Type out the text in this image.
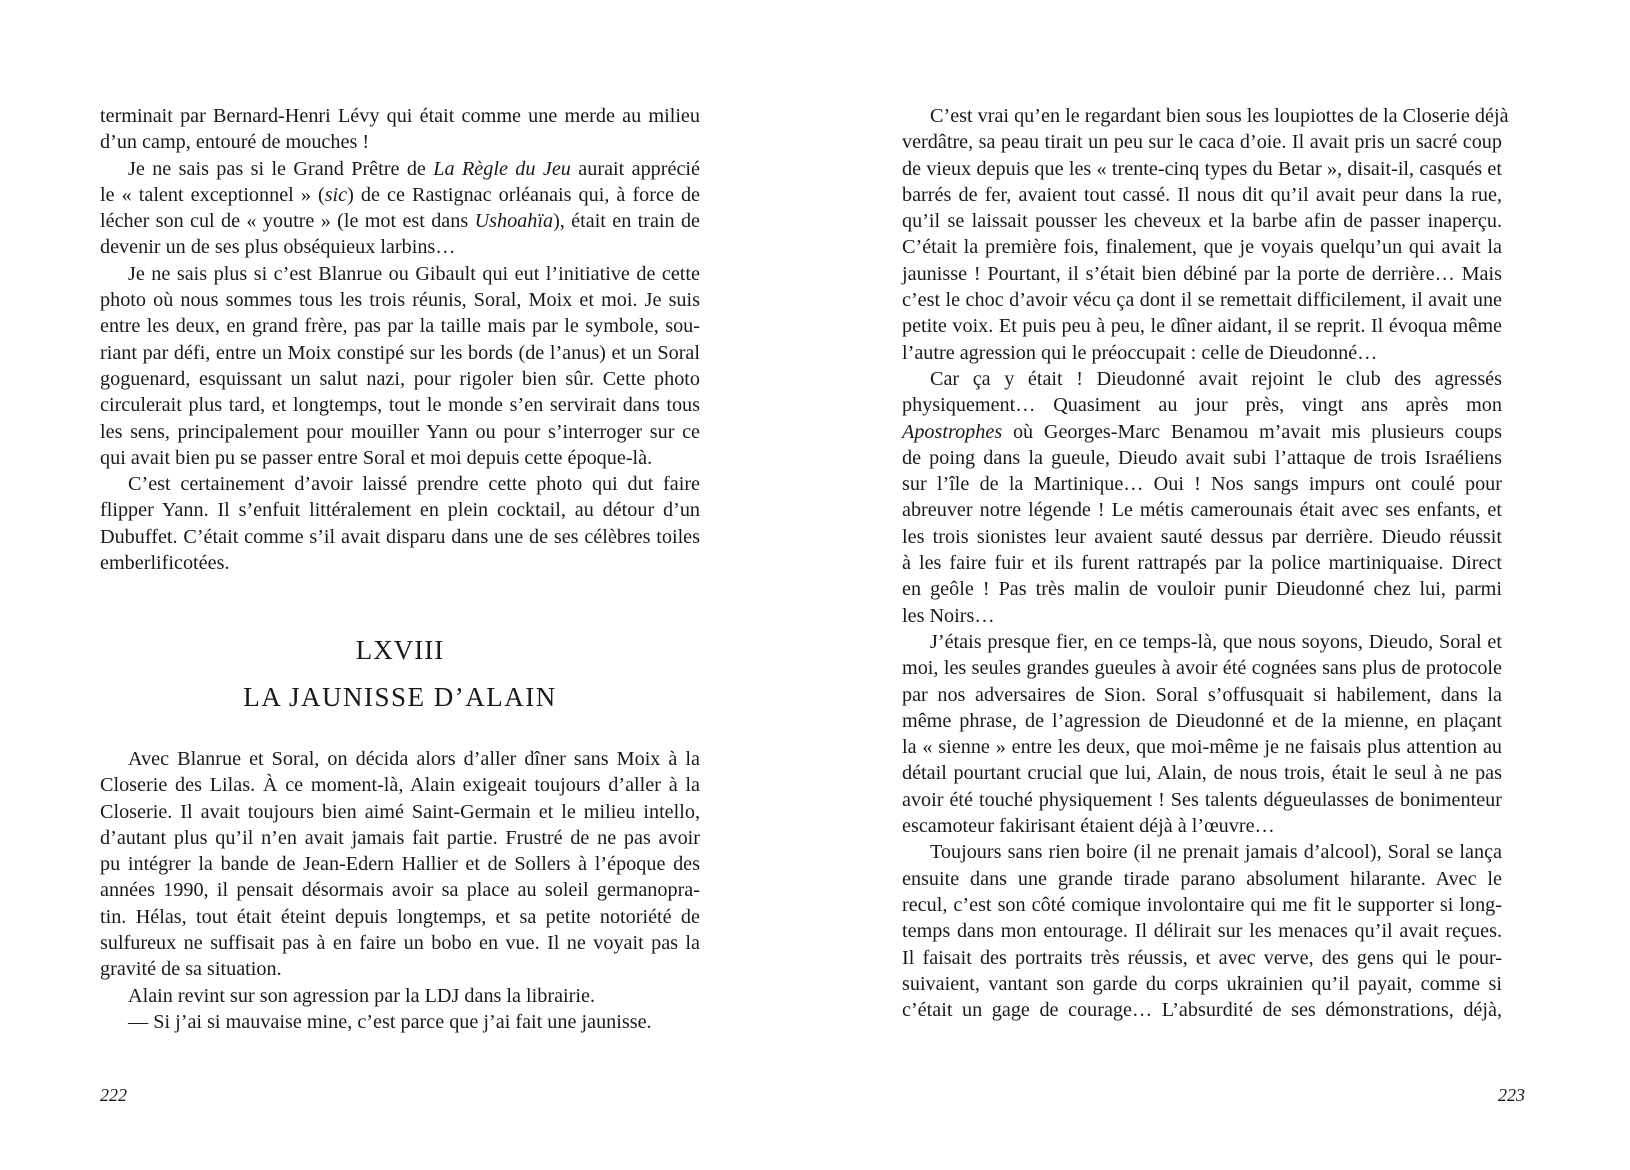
terminait par Bernard-Henri Lévy qui était comme une merde au milieu
d’un camp, entouré de mouches !
Je ne sais pas si le Grand Prêtre de La Règle du Jeu aurait apprécié
le « talent exceptionnel » (sic) de ce Rastignac orléanais qui, à force de
lécher son cul de « youtre » (le mot est dans Ushoahïa), était en train de
devenir un de ses plus obséquieux larbins…
Je ne sais plus si c’est Blanrue ou Gibault qui eut l’initiative de cette
photo où nous sommes tous les trois réunis, Soral, Moix et moi. Je suis
entre les deux, en grand frère, pas par la taille mais par le symbole, sou-
riant par défi, entre un Moix constipé sur les bords (de l’anus) et un Soral
goguenard, esquissant un salut nazi, pour rigoler bien sûr. Cette photo
circulerait plus tard, et longtemps, tout le monde s’en servirait dans tous
les sens, principalement pour mouiller Yann ou pour s’interroger sur ce
qui avait bien pu se passer entre Soral et moi depuis cette époque-là.
C’est certainement d’avoir laissé prendre cette photo qui dut faire
flipper Yann. Il s’enfuit littéralement en plein cocktail, au détour d’un
Dubuffet. C’était comme s’il avait disparu dans une de ses célèbres toiles
emberlificotées.
LXVIII
LA JAUNISSE D’ALAIN
Avec Blanrue et Soral, on décida alors d’aller dîner sans Moix à la
Closerie des Lilas. À ce moment-là, Alain exigeait toujours d’aller à la
Closerie. Il avait toujours bien aimé Saint-Germain et le milieu intello,
d’autant plus qu’il n’en avait jamais fait partie. Frustré de ne pas avoir
pu intégrer la bande de Jean-Edern Hallier et de Sollers à l’époque des
années 1990, il pensait désormais avoir sa place au soleil germanopra-
tin. Hélas, tout était éteint depuis longtemps, et sa petite notoriété de
sulfureux ne suffisait pas à en faire un bobo en vue. Il ne voyait pas la
gravité de sa situation.
Alain revint sur son agression par la LDJ dans la librairie.
— Si j’ai si mauvaise mine, c’est parce que j’ai fait une jaunisse.
222
C’est vrai qu’en le regardant bien sous les loupiottes de la Closerie déjà
verdâtre, sa peau tirait un peu sur le caca d’oie. Il avait pris un sacré coup
de vieux depuis que les « trente-cinq types du Betar », disait-il, casqués et
barrés de fer, avaient tout cassé. Il nous dit qu’il avait peur dans la rue,
qu’il se laissait pousser les cheveux et la barbe afin de passer inaperçu.
C’était la première fois, finalement, que je voyais quelqu’un qui avait la
jaunisse ! Pourtant, il s’était bien débiné par la porte de derrière… Mais
c’est le choc d’avoir vécu ça dont il se remettait difficilement, il avait une
petite voix. Et puis peu à peu, le dîner aidant, il se reprit. Il évoqua même
l’autre agression qui le préoccupait : celle de Dieudonné…
Car ça y était ! Dieudonné avait rejoint le club des agressés
physiquement… Quasiment au jour près, vingt ans après mon
Apostrophes où Georges-Marc Benamou m’avait mis plusieurs coups
de poing dans la gueule, Dieudo avait subi l’attaque de trois Israéliens
sur l’île de la Martinique… Oui ! Nos sangs impurs ont coulé pour
abreuver notre légende ! Le métis camerounais était avec ses enfants, et
les trois sionistes leur avaient sauté dessus par derrière. Dieudo réussit
à les faire fuir et ils furent rattrapés par la police martiniquaise. Direct
en geôle ! Pas très malin de vouloir punir Dieudonné chez lui, parmi
les Noirs…
J’étais presque fier, en ce temps-là, que nous soyons, Dieudo, Soral et
moi, les seules grandes gueules à avoir été cognées sans plus de protocole
par nos adversaires de Sion. Soral s’offusquait si habilement, dans la
même phrase, de l’agression de Dieudonné et de la mienne, en plaçant
la « sienne » entre les deux, que moi-même je ne faisais plus attention au
détail pourtant crucial que lui, Alain, de nous trois, était le seul à ne pas
avoir été touché physiquement ! Ses talents dégueulasses de bonimenteur
escamoteur fakirisant étaient déjà à l’œuvre…
Toujours sans rien boire (il ne prenait jamais d’alcool), Soral se lança
ensuite dans une grande tirade parano absolument hilarante. Avec le
recul, c’est son côté comique involontaire qui me fit le supporter si long-
temps dans mon entourage. Il délirait sur les menaces qu’il avait reçues.
Il faisait des portraits très réussis, et avec verve, des gens qui le pour-
suivaient, vantant son garde du corps ukrainien qu’il payait, comme si
c’était un gage de courage… L’absurdité de ses démonstrations, déjà,
223
